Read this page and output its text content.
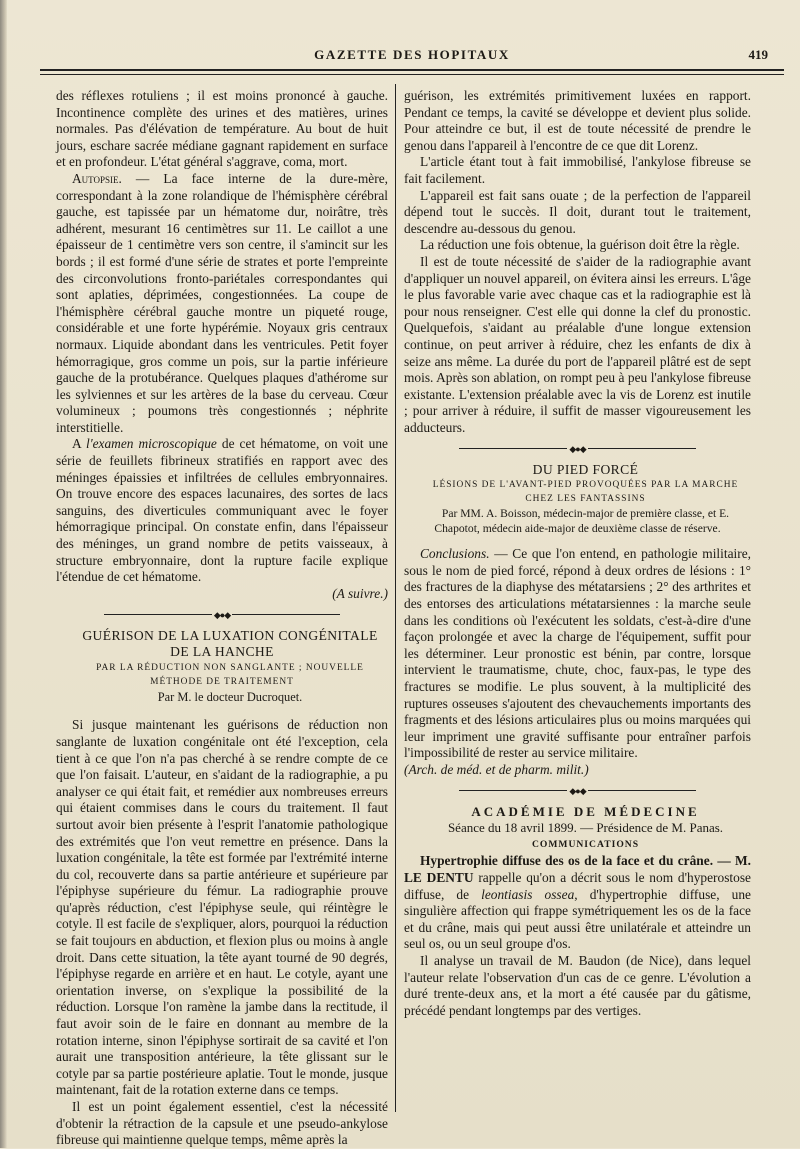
GAZETTE DES HOPITAUX	419

des réflexes rotuliens ; il est moins prononcé à gauche. Incontinence complète des urines et des matières, urines normales. Pas d'élévation de température. Au bout de huit jours, eschare sacrée médiane gagnant rapidement en surface et en profondeur. L'état général s'aggrave, coma, mort.

Autopsie. — La face interne de la dure-mère, correspondant à la zone rolandique de l'hémisphère cérébral gauche, est tapissée par un hématome dur, noirâtre, très adhérent, mesurant 16 centimètres sur 11. Le caillot a une épaisseur de 1 centimètre vers son centre, il s'amincit sur les bords ; il est formé d'une série de strates et porte l'empreinte des circonvolutions fronto-pariétales correspondantes qui sont aplaties, déprimées, congestionnées. La coupe de l'hémisphère cérébral gauche montre un piqueté rouge, considérable et une forte hypérémie. Noyaux gris centraux normaux. Liquide abondant dans les ventricules. Petit foyer hémorragique, gros comme un pois, sur la partie inférieure gauche de la protubérance. Quelques plaques d'athérome sur les sylviennes et sur les artères de la base du cerveau. Cœur volumineux ; poumons très congestionnés ; néphrite interstitielle.

A l'examen microscopique de cet hématome, on voit une série de feuillets fibrineux stratifiés en rapport avec des méninges épaissies et infiltrées de cellules embryonnaires. On trouve encore des espaces lacunaires, des sortes de lacs sanguins, des diverticules communiquant avec le foyer hémorragique principal. On constate enfin, dans l'épaisseur des méninges, un grand nombre de petits vaisseaux, à structure embryonnaire, dont la rupture facile explique l'étendue de cet hématome.

(A suivre.)

◆●◆

GUÉRISON DE LA LUXATION CONGÉNITALE DE LA HANCHE

PAR LA RÉDUCTION NON SANGLANTE ; NOUVELLE MÉTHODE DE TRAITEMENT

Par M. le docteur Ducroquet.

Si jusque maintenant les guérisons de réduction non sanglante de luxation congénitale ont été l'exception, cela tient à ce que l'on n'a pas cherché à se rendre compte de ce que l'on faisait. L'auteur, en s'aidant de la radiographie, a pu analyser ce qui était fait, et remédier aux nombreuses erreurs qui étaient commises dans le cours du traitement. Il faut surtout avoir bien présente à l'esprit l'anatomie pathologique des extrémités que l'on veut remettre en présence. Dans la luxation congénitale, la tête est formée par l'extrémité interne du col, recouverte dans sa partie antérieure et supérieure par l'épiphyse supérieure du fémur. La radiographie prouve qu'après réduction, c'est l'épiphyse seule, qui réintègre le cotyle. Il est facile de s'expliquer, alors, pourquoi la réduction se fait toujours en abduction, et flexion plus ou moins à angle droit. Dans cette situation, la tête ayant tourné de 90 degrés, l'épiphyse regarde en arrière et en haut. Le cotyle, ayant une orientation inverse, on s'explique la possibilité de la réduction. Lorsque l'on ramène la jambe dans la rectitude, il faut avoir soin de le faire en donnant au membre de la rotation interne, sinon l'épiphyse sortirait de sa cavité et l'on aurait une transposition antérieure, la tête glissant sur le cotyle par sa partie postérieure aplatie. Tout le monde, jusque maintenant, fait de la rotation externe dans ce temps.

Il est un point également essentiel, c'est la nécessité d'obtenir la rétraction de la capsule et une pseudo-ankylose fibreuse qui maintienne quelque temps, même après la

guérison, les extrémités primitivement luxées en rapport. Pendant ce temps, la cavité se développe et devient plus solide. Pour atteindre ce but, il est de toute nécessité de prendre le genou dans l'appareil à l'encontre de ce que dit Lorenz.

L'article étant tout à fait immobilisé, l'ankylose fibreuse se fait facilement.

L'appareil est fait sans ouate ; de la perfection de l'appareil dépend tout le succès. Il doit, durant tout le traitement, descendre au-dessous du genou.

La réduction une fois obtenue, la guérison doit être la règle.

Il est de toute nécessité de s'aider de la radiographie avant d'appliquer un nouvel appareil, on évitera ainsi les erreurs. L'âge le plus favorable varie avec chaque cas et la radiographie est là pour nous renseigner. C'est elle qui donne la clef du pronostic. Quelquefois, s'aidant au préalable d'une longue extension continue, on peut arriver à réduire, chez les enfants de dix à seize ans même. La durée du port de l'appareil plâtré est de sept mois. Après son ablation, on rompt peu à peu l'ankylose fibreuse existante. L'extension préalable avec la vis de Lorenz est inutile ; pour arriver à réduire, il suffit de masser vigoureusement les adducteurs.

◆●◆

DU PIED FORCÉ

LÉSIONS DE L'AVANT-PIED PROVOQUÉES PAR LA MARCHE

CHEZ LES FANTASSINS

Par MM. A. Boisson, médecin-major de première classe, et E. Chapotot, médecin aide-major de deuxième classe de réserve.

Conclusions. — Ce que l'on entend, en pathologie militaire, sous le nom de pied forcé, répond à deux ordres de lésions : 1° des fractures de la diaphyse des métatarsiens ; 2° des arthrites et des entorses des articulations métatarsiennes : la marche seule dans les conditions où l'exécutent les soldats, c'est-à-dire d'une façon prolongée et avec la charge de l'équipement, suffit pour les déterminer. Leur pronostic est bénin, par contre, lorsque intervient le traumatisme, chute, choc, faux-pas, le type des fractures se modifie. Le plus souvent, à la multiplicité des ruptures osseuses s'ajoutent des chevauchements importants des fragments et des lésions articulaires plus ou moins marquées qui leur impriment une gravité suffisante pour entraîner parfois l'impossibilité de rester au service militaire.

(Arch. de méd. et de pharm. milit.)

◆●◆

ACADÉMIE DE MÉDECINE

Séance du 18 avril 1899. — Présidence de M. Panas.

COMMUNICATIONS

Hypertrophie diffuse des os de la face et du crâne. — M. LE DENTU rappelle qu'on a décrit sous le nom d'hyperostose diffuse, de leontiasis ossea, d'hypertrophie diffuse, une singulière affection qui frappe symétriquement les os de la face et du crâne, mais qui peut aussi être unilatérale et atteindre un seul os, ou un seul groupe d'os.

Il analyse un travail de M. Baudon (de Nice), dans lequel l'auteur relate l'observation d'un cas de ce genre. L'évolution a duré trente-deux ans, et la mort a été causée par du gâtisme, précédé pendant longtemps par des vertiges.
